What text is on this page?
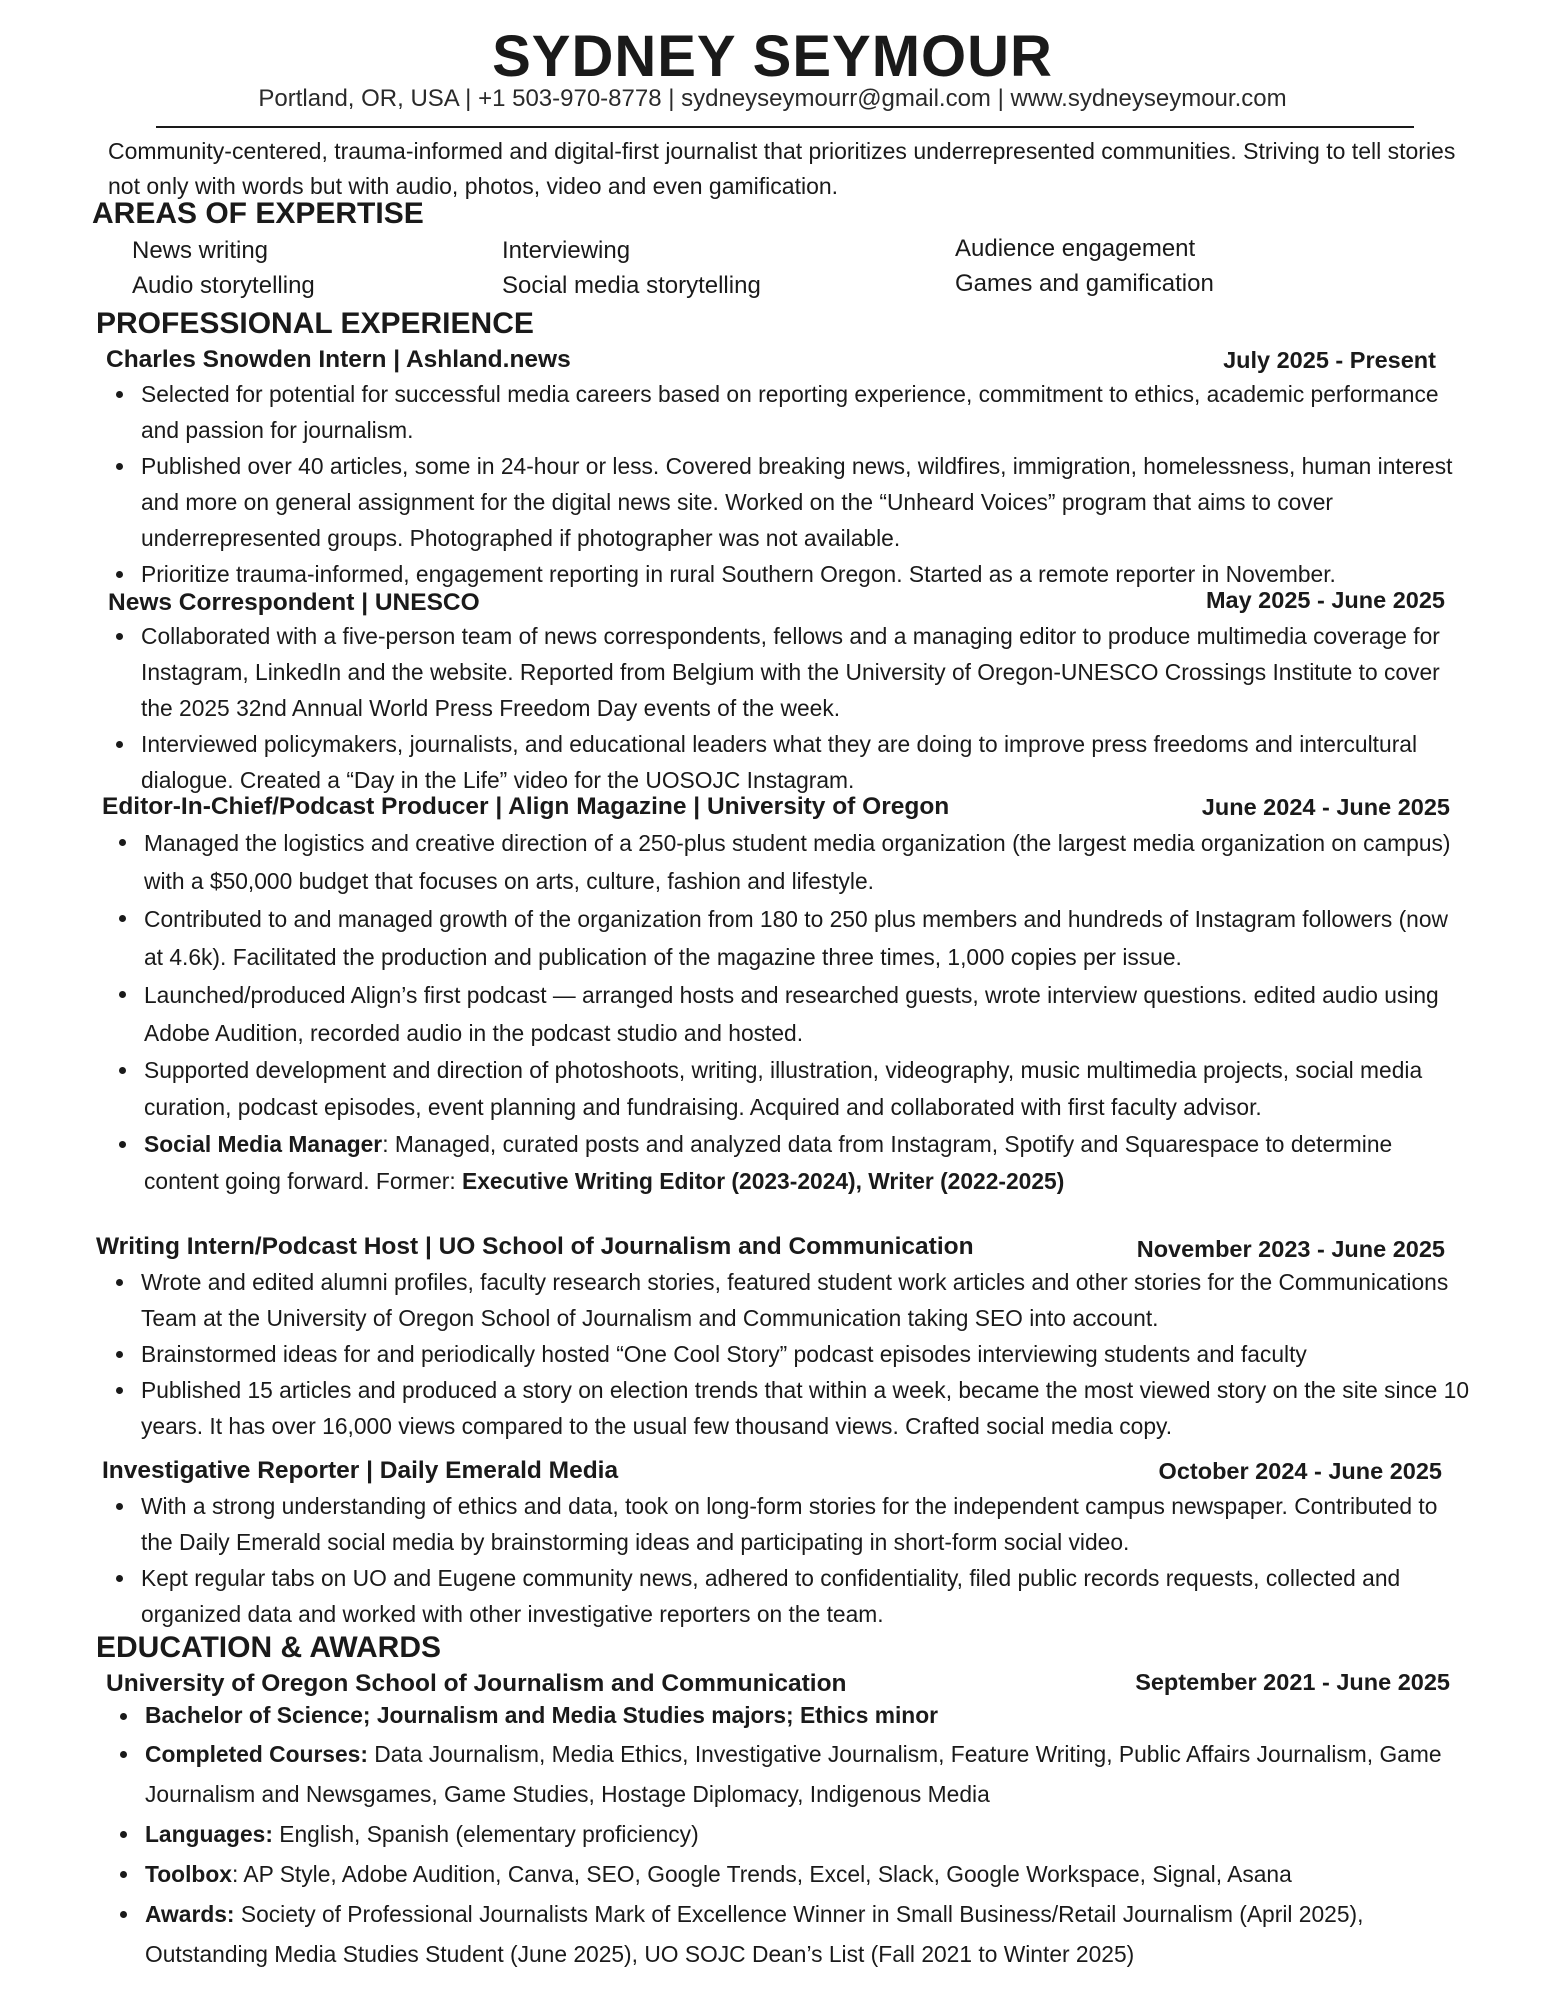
SYDNEY SEYMOUR
Portland, OR, USA | +1 503-970-8778 | sydneyseymourr@gmail.com | www.sydneyseymour.com
Community-centered, trauma-informed and digital-first journalist that prioritizes underrepresented communities. Striving to tell stories not only with words but with audio, photos, video and even gamification.
AREAS OF EXPERTISE
News writing	Interviewing	Audience engagement
Audio storytelling	Social media storytelling	Games and gamification
PROFESSIONAL EXPERIENCE
Charles Snowden Intern | Ashland.news	July 2025 - Present
Selected for potential for successful media careers based on reporting experience, commitment to ethics, academic performance and passion for journalism.
Published over 40 articles, some in 24-hour or less. Covered breaking news, wildfires, immigration, homelessness, human interest and more on general assignment for the digital news site. Worked on the “Unheard Voices” program that aims to cover underrepresented groups. Photographed if photographer was not available.
Prioritize trauma-informed, engagement reporting in rural Southern Oregon. Started as a remote reporter in November.
News Correspondent | UNESCO	May 2025 - June 2025
Collaborated with a five-person team of news correspondents, fellows and a managing editor to produce multimedia coverage for Instagram, LinkedIn and the website. Reported from Belgium with the University of Oregon-UNESCO Crossings Institute to cover the 2025 32nd Annual World Press Freedom Day events of the week.
Interviewed policymakers, journalists, and educational leaders what they are doing to improve press freedoms and intercultural dialogue. Created a “Day in the Life” video for the UOSOJC Instagram.
Editor-In-Chief/Podcast Producer | Align Magazine | University of Oregon	June 2024 - June 2025
Managed the logistics and creative direction of a 250-plus student media organization (the largest media organization on campus) with a $50,000 budget that focuses on arts, culture, fashion and lifestyle.
Contributed to and managed growth of the organization from 180 to 250 plus members and hundreds of Instagram followers (now at 4.6k). Facilitated the production and publication of the magazine three times, 1,000 copies per issue.
Launched/produced Align’s first podcast — arranged hosts and researched guests, wrote interview questions. edited audio using Adobe Audition, recorded audio in the podcast studio and hosted.
Supported development and direction of photoshoots, writing, illustration, videography, music multimedia projects, social media curation, podcast episodes, event planning and fundraising. Acquired and collaborated with first faculty advisor.
Social Media Manager: Managed, curated posts and analyzed data from Instagram, Spotify and Squarespace to determine content going forward. Former: Executive Writing Editor (2023-2024), Writer (2022-2025)
Writing Intern/Podcast Host | UO School of Journalism and Communication	November 2023 - June 2025
Wrote and edited alumni profiles, faculty research stories, featured student work articles and other stories for the Communications Team at the University of Oregon School of Journalism and Communication taking SEO into account.
Brainstormed ideas for and periodically hosted “One Cool Story” podcast episodes interviewing students and faculty
Published 15 articles and produced a story on election trends that within a week, became the most viewed story on the site since 10 years. It has over 16,000 views compared to the usual few thousand views. Crafted social media copy.
Investigative Reporter | Daily Emerald Media	October 2024 - June 2025
With a strong understanding of ethics and data, took on long-form stories for the independent campus newspaper. Contributed to the Daily Emerald social media by brainstorming ideas and participating in short-form social video.
Kept regular tabs on UO and Eugene community news, adhered to confidentiality, filed public records requests, collected and organized data and worked with other investigative reporters on the team.
EDUCATION & AWARDS
University of Oregon School of Journalism and Communication	September 2021 - June 2025
Bachelor of Science; Journalism and Media Studies majors; Ethics minor
Completed Courses: Data Journalism, Media Ethics, Investigative Journalism, Feature Writing, Public Affairs Journalism, Game Journalism and Newsgames, Game Studies, Hostage Diplomacy, Indigenous Media
Languages: English, Spanish (elementary proficiency)
Toolbox: AP Style, Adobe Audition, Canva, SEO, Google Trends, Excel, Slack, Google Workspace, Signal, Asana
Awards: Society of Professional Journalists Mark of Excellence Winner in Small Business/Retail Journalism (April 2025), Outstanding Media Studies Student (June 2025), UO SOJC Dean’s List (Fall 2021 to Winter 2025)
